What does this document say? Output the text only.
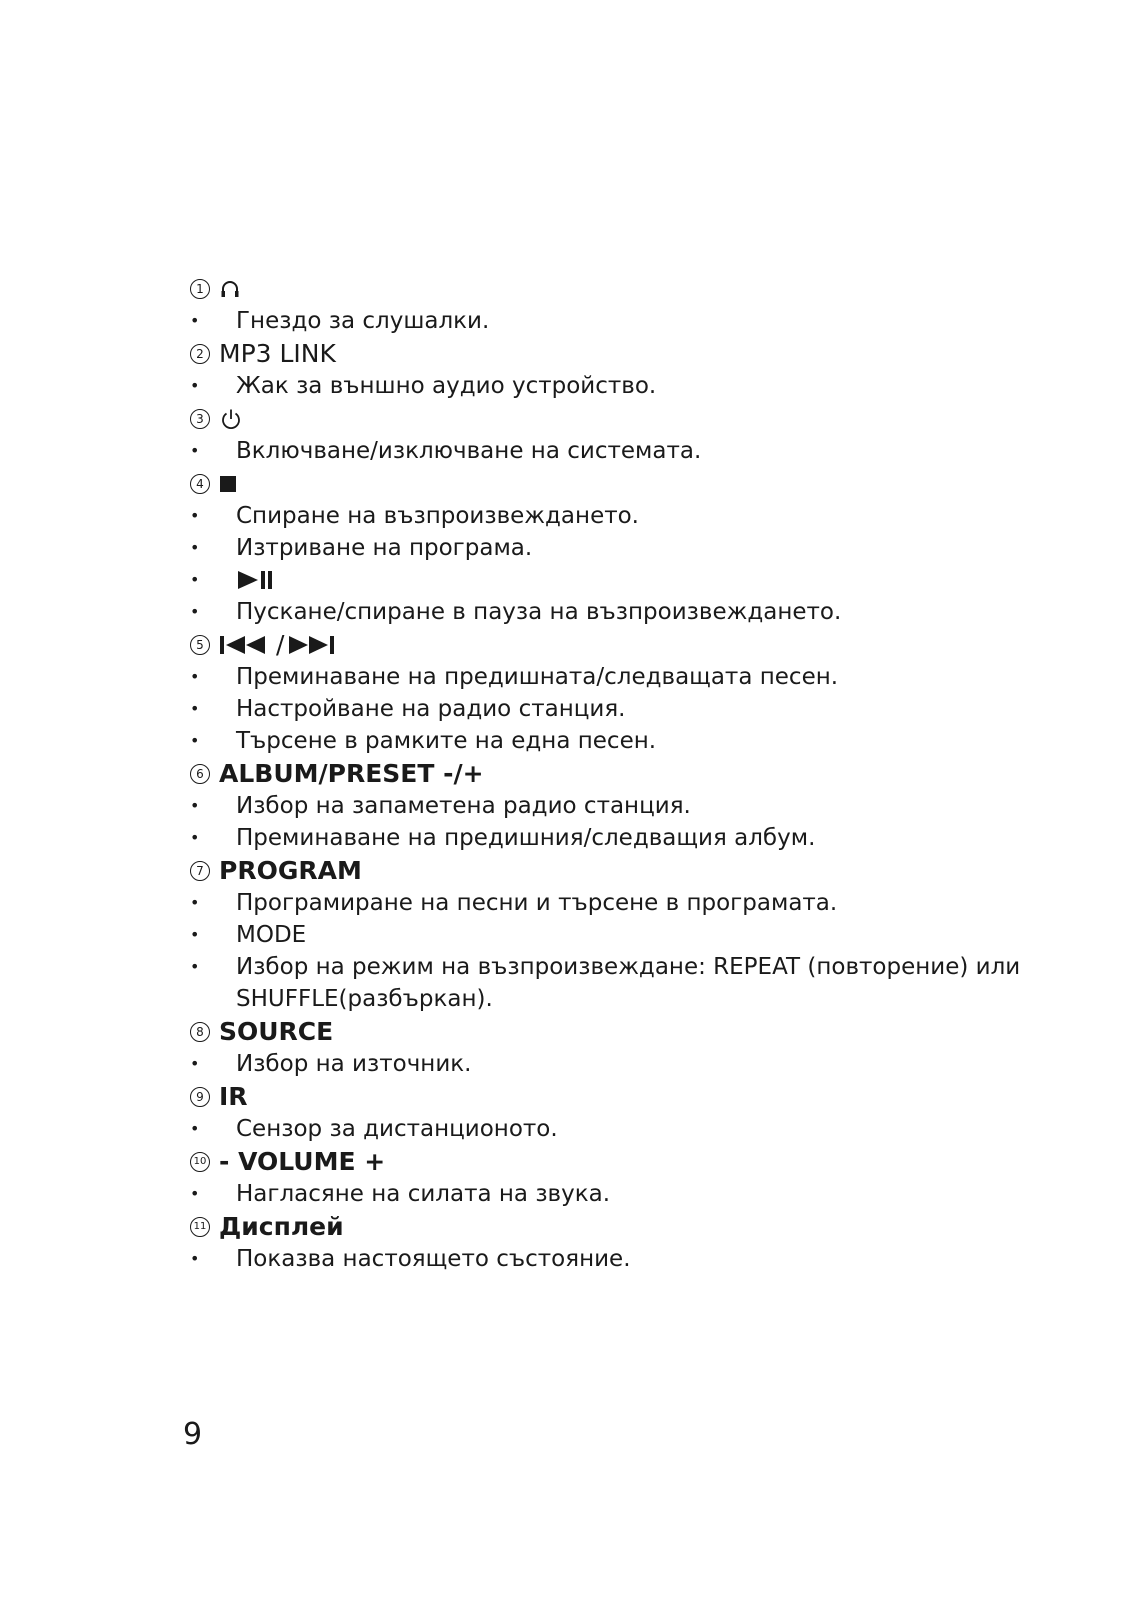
1
•	Гнездо за слушалки.
2 MP3 LINK
•	Жак за външно аудио устройство.
3
•	Включване/изключване на системата.
4
•	Спиране на възпроизвеждането.
•	Изтриване на програма.
•
•	Пускане/спиране в пауза на възпроизвеждането.
5	/
•	Преминаване на предишната/следващата песен.
•	Настройване на радио станция.
•	Търсене в рамките на една песен.
6 ALBUM/PRESET -/+
•	Избор на запаметена радио станция.
•	Преминаване на предишния/следващия албум.
7 PROGRAM
•	Програмиране на песни и търсене в програмата.
•	MODE
•	Избор на режим на възпроизвеждане: REPEAT (повторение) или SHUFFLE(разбъркан).
8 SOURCE
•	Избор на източник.
9 IR
•	Сензор за дистанционото.
10 - VOLUME +
•	Нагласяне на силата на звука.
11 Дисплей
•	Показва настоящето състояние.
9
